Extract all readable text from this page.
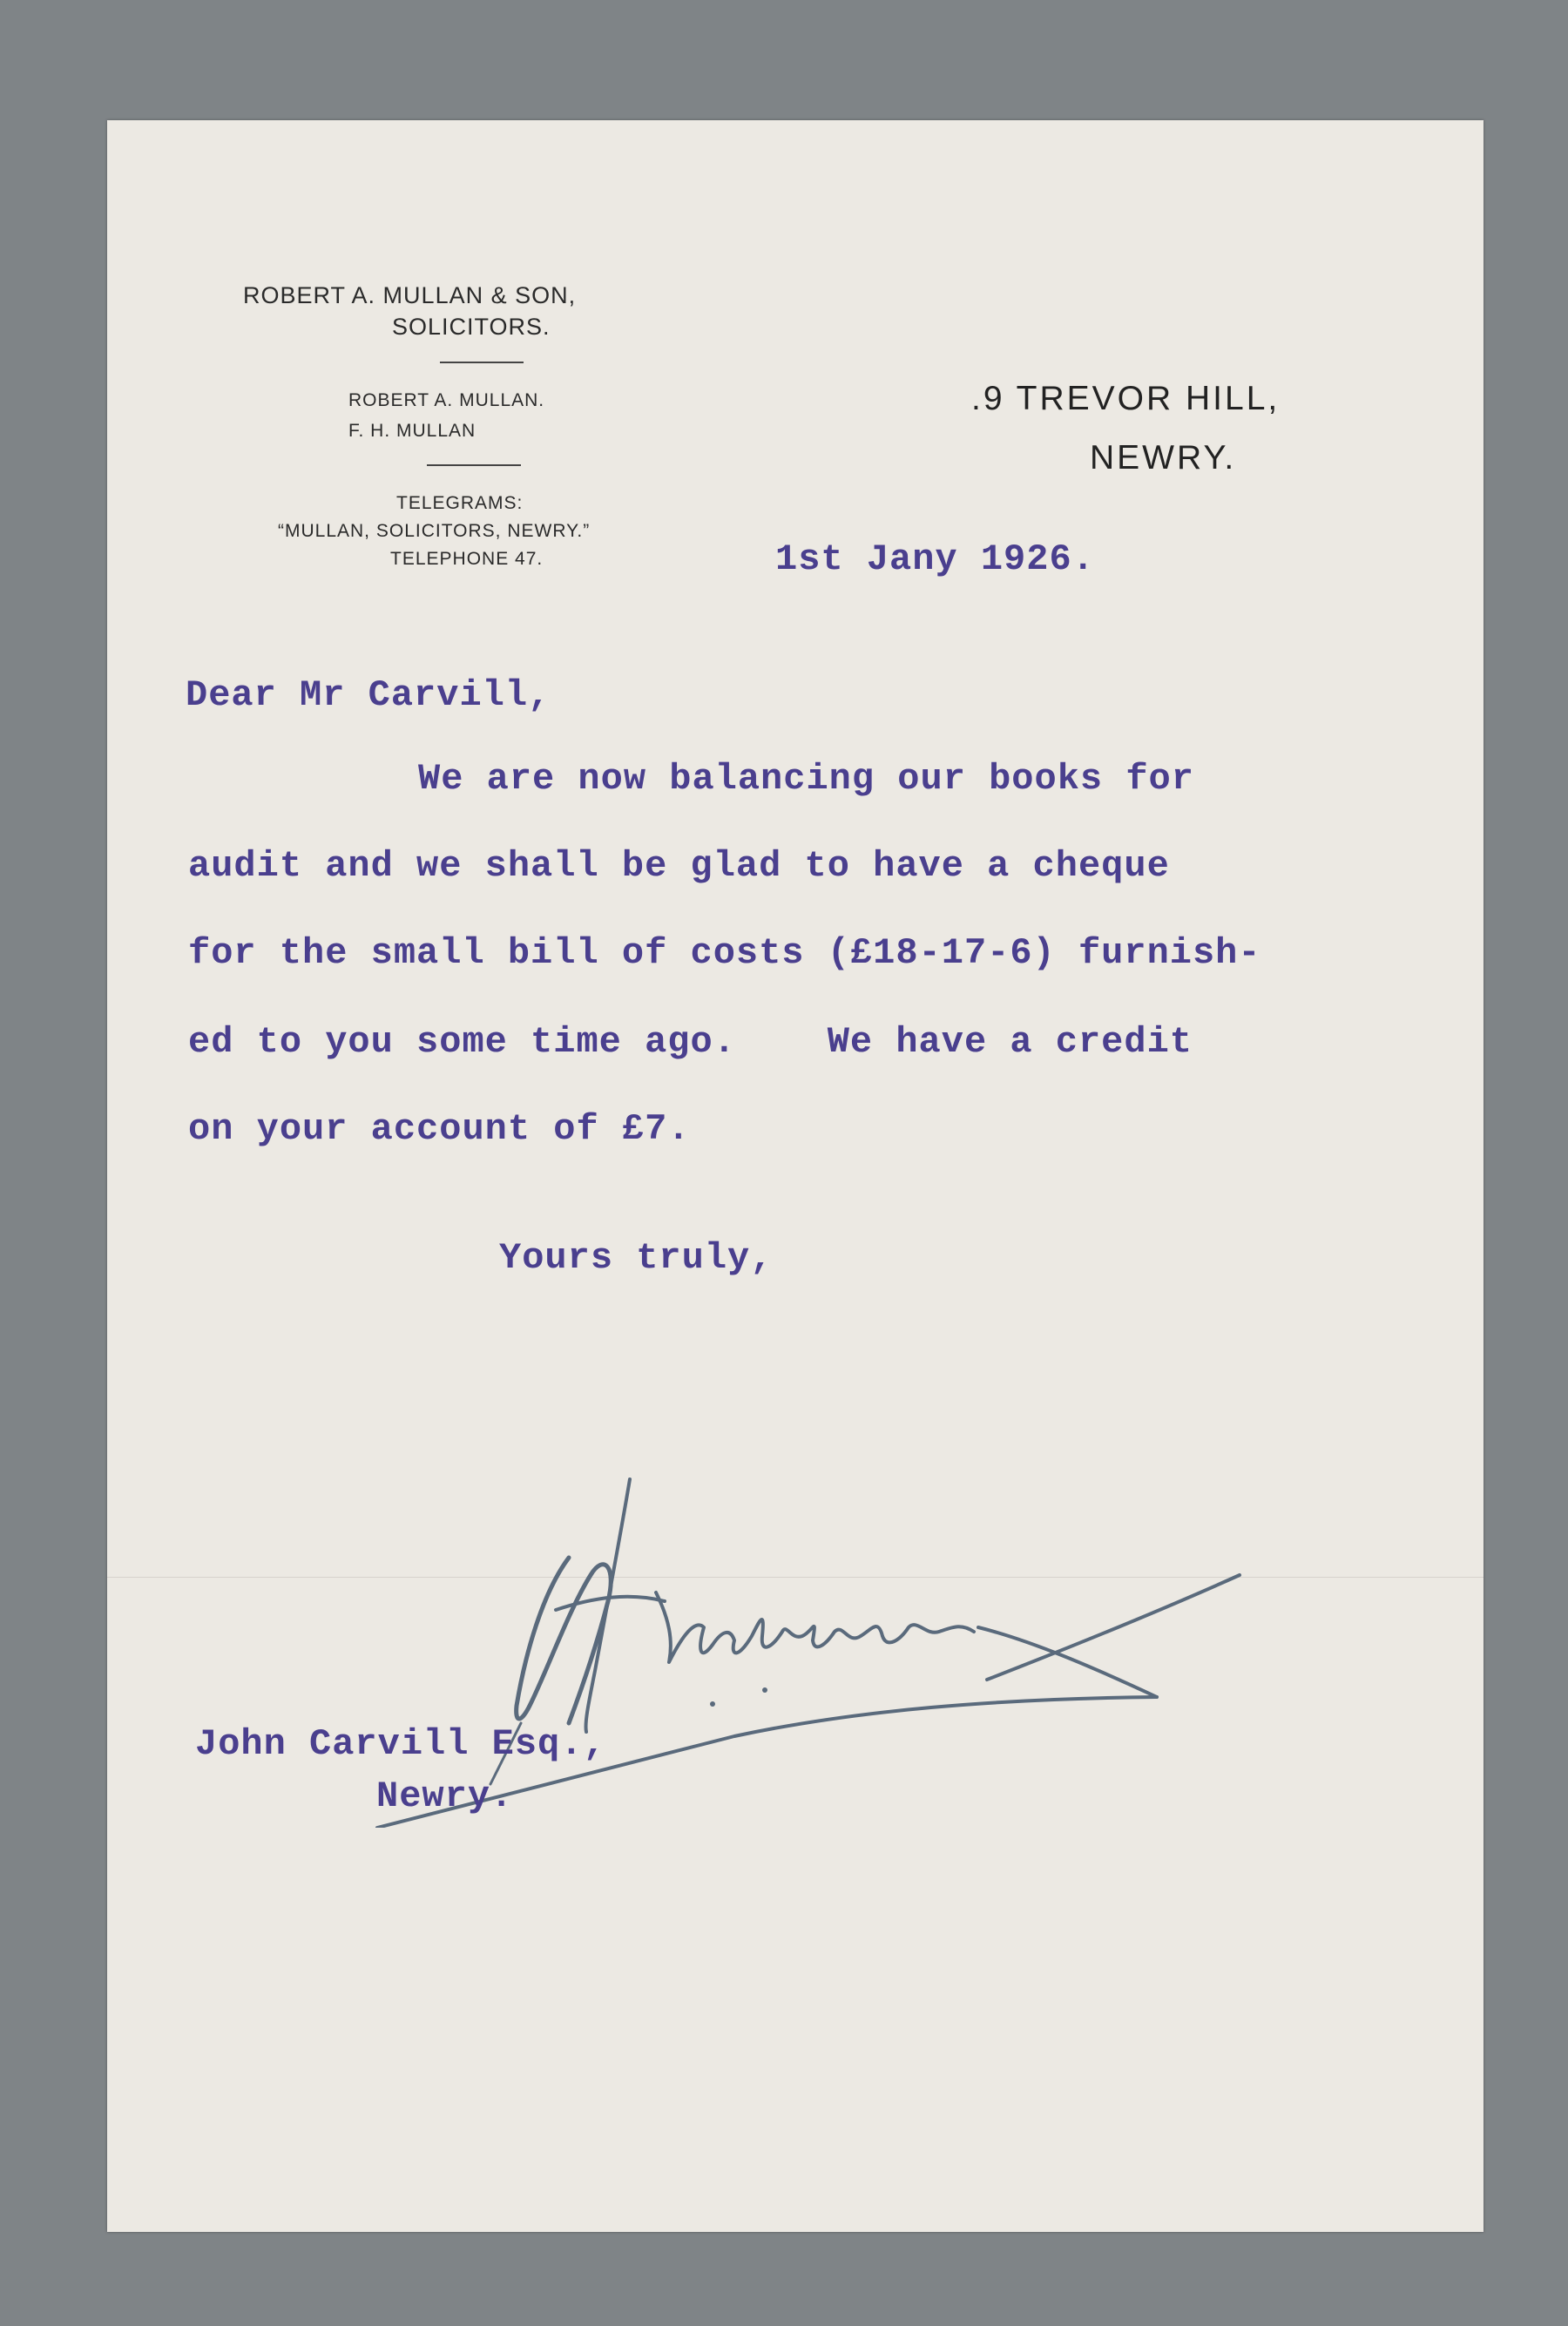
ROBERT A. MULLAN & SON,
SOLICITORS.
ROBERT A. MULLAN.
F. H. MULLAN
TELEGRAMS:
“MULLAN, SOLICITORS, NEWRY.”
TELEPHONE 47.
.9 TREVOR HILL,
NEWRY.
1st Jany 1926.
Dear Mr Carvill,
We are now balancing our books for
audit and we shall be glad to have a cheque
for the small bill of costs (£18-17-6) furnish-
ed to you some time ago.    We have a credit
on your account of £7.
Yours truly,
John Carvill Esq.,
Newry.
